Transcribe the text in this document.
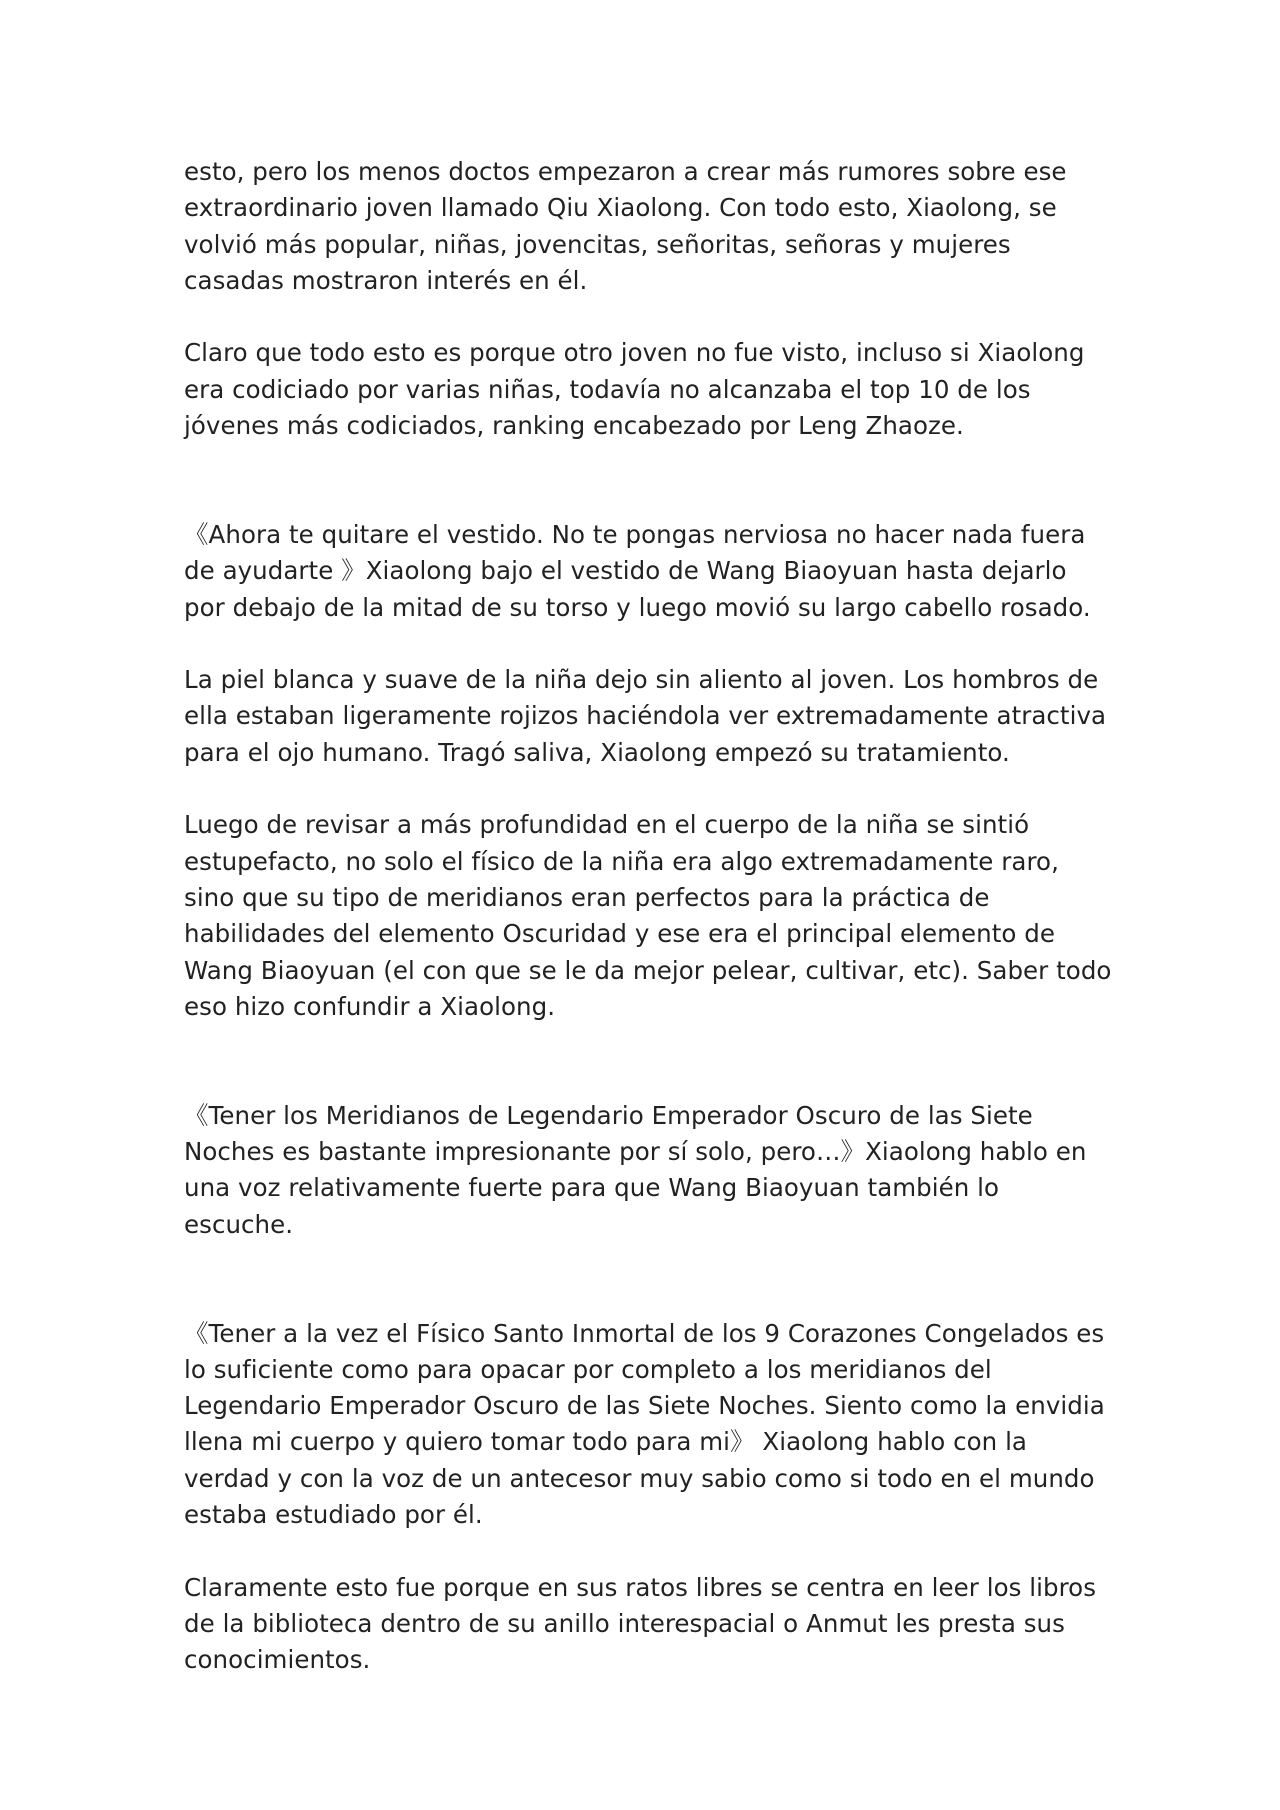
esto, pero los menos doctos empezaron a crear más rumores sobre ese extraordinario joven llamado Qiu Xiaolong. Con todo esto, Xiaolong, se volvió más popular, niñas, jovencitas, señoritas, señoras y mujeres casadas mostraron interés en él.

Claro que todo esto es porque otro joven no fue visto, incluso si Xiaolong era codiciado por varias niñas, todavía no alcanzaba el top 10 de los jóvenes más codiciados, ranking encabezado por Leng Zhaoze.

《Ahora te quitare el vestido. No te pongas nerviosa no hacer nada fuera de ayudarte 》Xiaolong bajo el vestido de Wang Biaoyuan hasta dejarlo por debajo de la mitad de su torso y luego movió su largo cabello rosado.

La piel blanca y suave de la niña dejo sin aliento al joven. Los hombros de ella estaban ligeramente rojizos haciéndola ver extremadamente atractiva para el ojo humano. Tragó saliva, Xiaolong empezó su tratamiento.

Luego de revisar a más profundidad en el cuerpo de la niña se sintió estupefacto, no solo el físico de la niña era algo extremadamente raro, sino que su tipo de meridianos eran perfectos para la práctica de habilidades del elemento Oscuridad y ese era el principal elemento de Wang Biaoyuan (el con que se le da mejor pelear, cultivar, etc). Saber todo eso hizo confundir a Xiaolong.

《Tener los Meridianos de Legendario Emperador Oscuro de las Siete Noches es bastante impresionante por sí solo, pero…》Xiaolong hablo en una voz relativamente fuerte para que Wang Biaoyuan también lo escuche.

《Tener a la vez el Físico Santo Inmortal de los 9 Corazones Congelados es lo suficiente como para opacar por completo a los meridianos del Legendario Emperador Oscuro de las Siete Noches. Siento como la envidia llena mi cuerpo y quiero tomar todo para mi》 Xiaolong hablo con la verdad y con la voz de un antecesor muy sabio como si todo en el mundo estaba estudiado por él.

Claramente esto fue porque en sus ratos libres se centra en leer los libros de la biblioteca dentro de su anillo interespacial o Anmut les presta sus conocimientos.
